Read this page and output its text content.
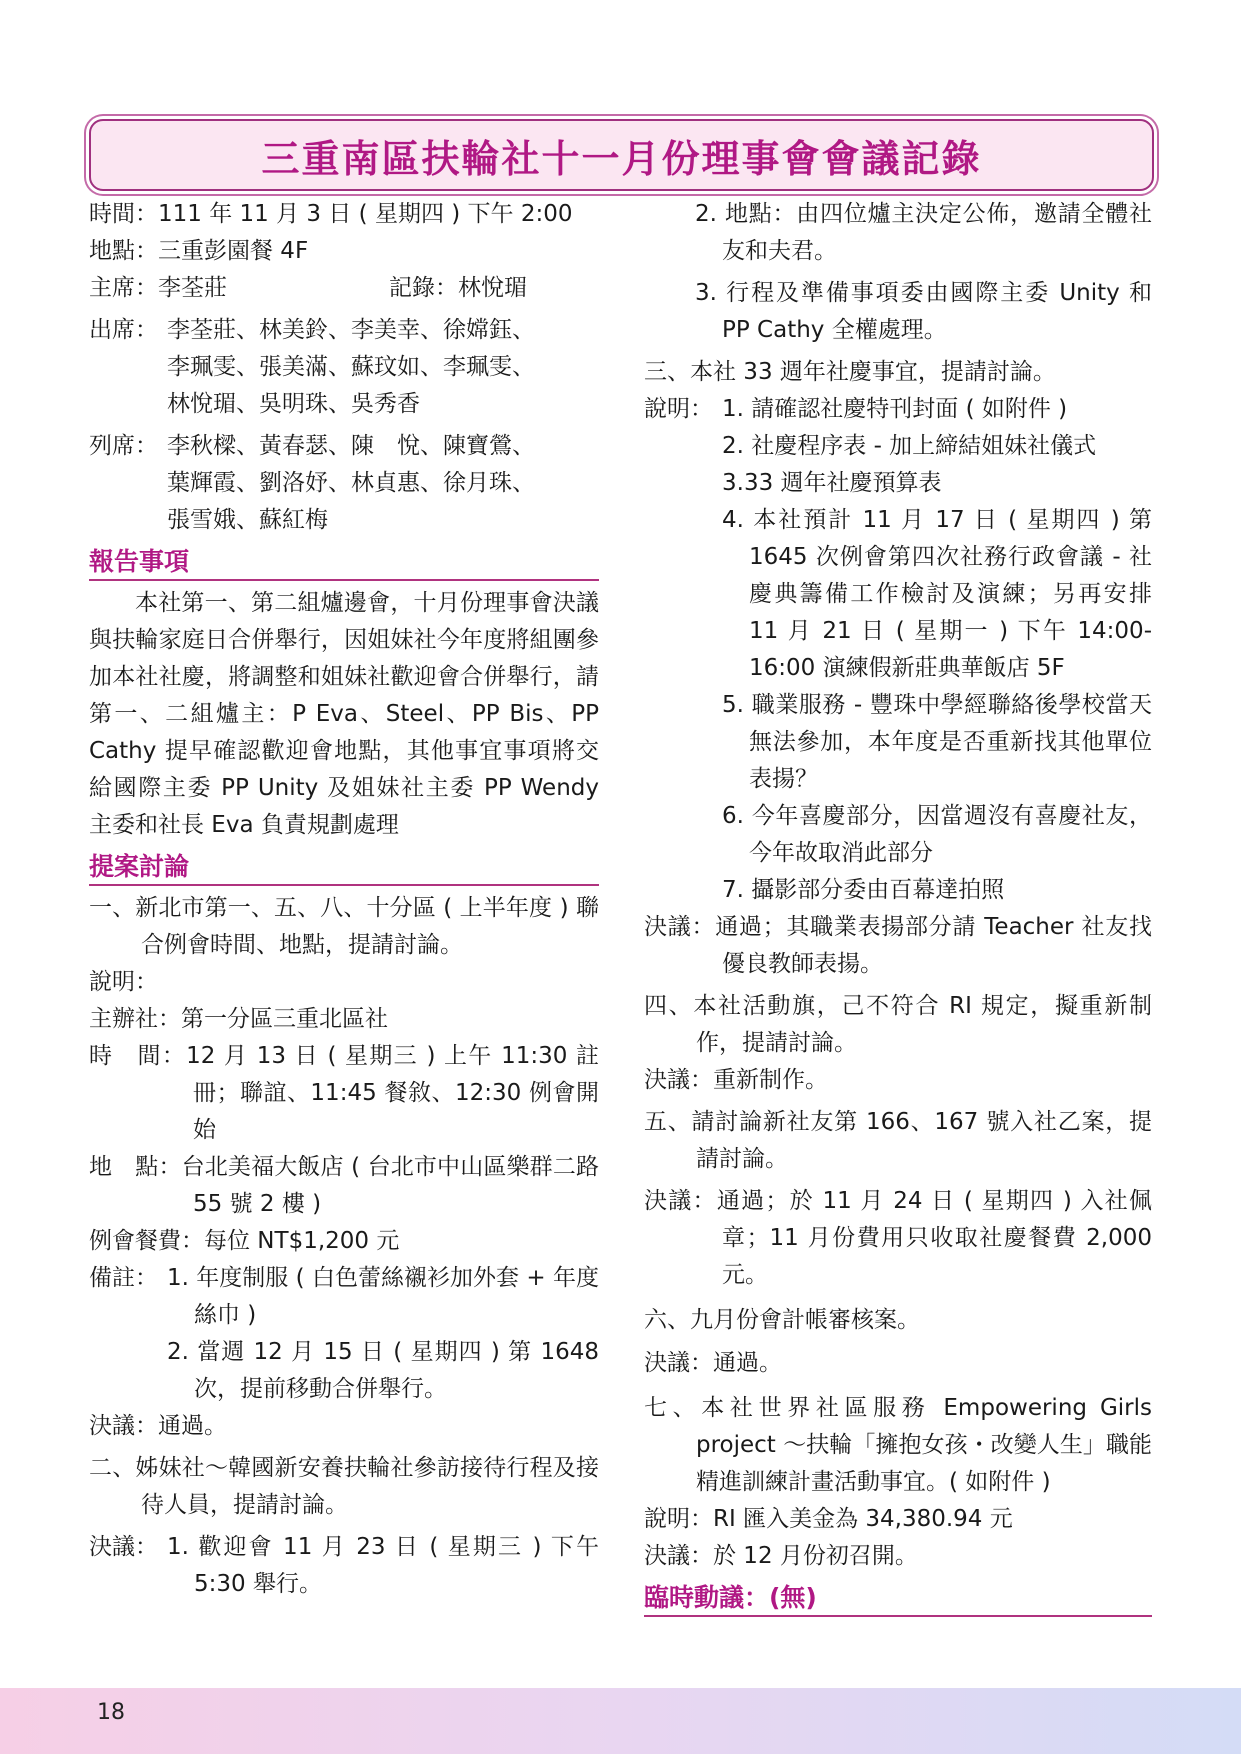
三重南區扶輪社十一月份理事會會議記錄
時間：111 年 11 月 3 日 ( 星期四 ) 下午 2:00
地點：三重彭園餐 4F
主席：李荃莊	記錄：林悅瑂
出席： 李荃莊、林美鈴、李美幸、徐嫦鈺、
李珮雯、張美滿、蘇玟如、李珮雯、
林悅瑂、吳明珠、吳秀香
列席： 李秋樑、黃春瑟、陳　悅、陳寶鶯、
葉輝霞、劉洛妤、林貞惠、徐月珠、
張雪娥、蘇紅梅
報告事項

本社第一、第二組爐邊會，十月份理事會決議與扶輪家庭日合併舉行，因姐妹社今年度將組團參加本社社慶，將調整和姐妹社歡迎會合併舉行，請第一、二組爐主：P Eva、Steel、PP Bis、PP Cathy 提早確認歡迎會地點，其他事宜事項將交給國際主委 PP Unity 及姐妹社主委 PP Wendy 主委和社長 Eva 負責規劃處理

提案討論

一、新北市第一、五、八、十分區 ( 上半年度 ) 聯合例會時間、地點，提請討論。

說明：
主辦社：第一分區三重北區社

時　間：12 月 13 日 ( 星期三 ) 上午 11:30 註冊；聯誼、11:45 餐敘、12:30 例會開始

地　點：台北美福大飯店 ( 台北市中山區樂群二路 55 號 2 樓 )

例會餐費：每位 NT$1,200 元
備註： 1. 年度制服 ( 白色蕾絲襯衫加外套 + 年度絲巾 )

2. 當週 12 月 15 日 ( 星期四 ) 第 1648 次，提前移動合併舉行。

決議：通過。

二、姊妹社～韓國新安養扶輪社參訪接待行程及接待人員，提請討論。

決議： 1. 歡迎會 11 月 23 日 ( 星期三 ) 下午 5:30 舉行。

2. 地點：由四位爐主決定公佈，邀請全體社友和夫君。

3. 行程及準備事項委由國際主委 Unity 和 PP Cathy 全權處理。

三、本社 33 週年社慶事宜，提請討論。

說明： 1. 請確認社慶特刊封面 ( 如附件 )

2. 社慶程序表 - 加上締結姐妹社儀式

3.33 週年社慶預算表

4. 本社預計 11 月 17 日 ( 星期四 ) 第 1645 次例會第四次社務行政會議 - 社慶典籌備工作檢討及演練；另再安排 11 月 21 日 ( 星期一 ) 下午 14:00-16:00 演練假新莊典華飯店 5F

5. 職業服務 - 豐珠中學經聯絡後學校當天無法參加，本年度是否重新找其他單位表揚？

6. 今年喜慶部分，因當週沒有喜慶社友，今年故取消此部分

7. 攝影部分委由百幕達拍照

決議：通過；其職業表揚部分請 Teacher 社友找優良教師表揚。

四、本社活動旗，己不符合 RI 規定，擬重新制作，提請討論。

決議：重新制作。

五、請討論新社友第 166、167 號入社乙案，提請討論。

決議：通過；於 11 月 24 日 ( 星期四 ) 入社佩章；11 月份費用只收取社慶餐費 2,000 元。

六、九月份會計帳審核案。
決議：通過。

七、本社世界社區服務 Empowering Girls project ～扶輪「擁抱女孩・改變人生」職能精進訓練計畫活動事宜。( 如附件 )

說明：RI 匯入美金為 34,380.94 元
決議：於 12 月份初召開。
臨時動議：(無)
18
